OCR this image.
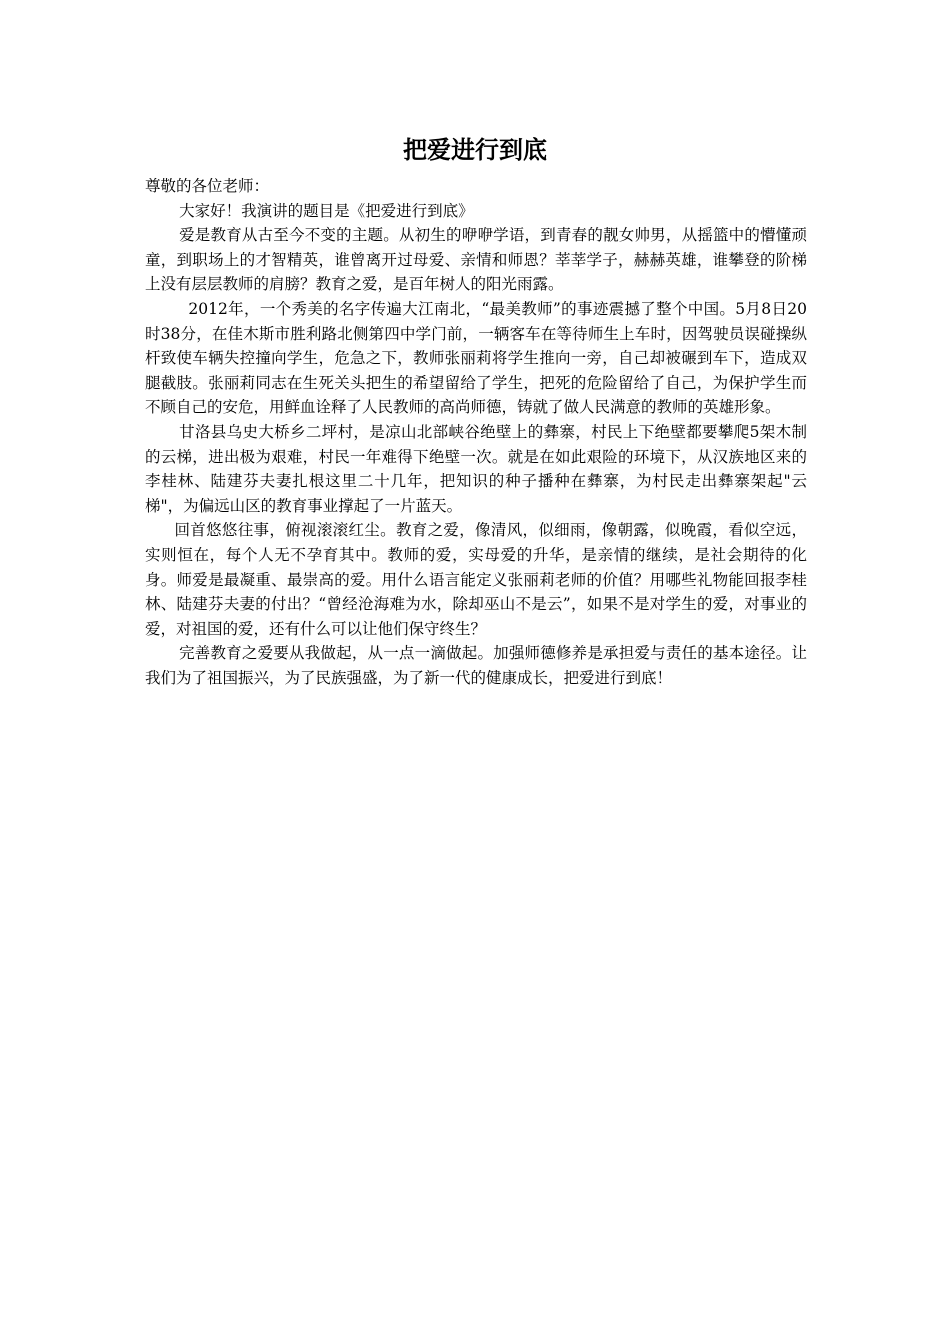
把爱进行到底

尊敬的各位老师：

大家好！我演讲的题目是《把爱进行到底》

爱是教育从古至今不变的主题。从初生的咿咿学语，到青春的靓女帅男，从摇篮中的懵懂顽童，到职场上的才智精英，谁曾离开过母爱、亲情和师恩？莘莘学子，赫赫英雄，谁攀登的阶梯上没有层层教师的肩膀？教育之爱，是百年树人的阳光雨露。

2012年，一个秀美的名字传遍大江南北，“最美教师”的事迹震撼了整个中国。5月8日20时38分，在佳木斯市胜利路北侧第四中学门前，一辆客车在等待师生上车时，因驾驶员误碰操纵杆致使车辆失控撞向学生，危急之下，教师张丽莉将学生推向一旁，自己却被碾到车下，造成双腿截肢。张丽莉同志在生死关头把生的希望留给了学生，把死的危险留给了自己，为保护学生而不顾自己的安危，用鲜血诠释了人民教师的高尚师德，铸就了做人民满意的教师的英雄形象。

甘洛县乌史大桥乡二坪村，是凉山北部峡谷绝壁上的彝寨，村民上下绝壁都要攀爬5架木制的云梯，进出极为艰难，村民一年难得下绝壁一次。就是在如此艰险的环境下，从汉族地区来的李桂林、陆建芬夫妻扎根这里二十几年，把知识的种子播种在彝寨，为村民走出彝寨架起"云梯"，为偏远山区的教育事业撑起了一片蓝天。

回首悠悠往事，俯视滚滚红尘。教育之爱，像清风，似细雨，像朝露，似晚霞，看似空远，实则恒在，每个人无不孕育其中。教师的爱，实母爱的升华，是亲情的继续，是社会期待的化身。师爱是最凝重、最崇高的爱。用什么语言能定义张丽莉老师的价值？用哪些礼物能回报李桂林、陆建芬夫妻的付出？“曾经沧海难为水，除却巫山不是云”，如果不是对学生的爱，对事业的爱，对祖国的爱，还有什么可以让他们保守终生？

完善教育之爱要从我做起，从一点一滴做起。加强师德修养是承担爱与责任的基本途径。让我们为了祖国振兴，为了民族强盛，为了新一代的健康成长，把爱进行到底！
